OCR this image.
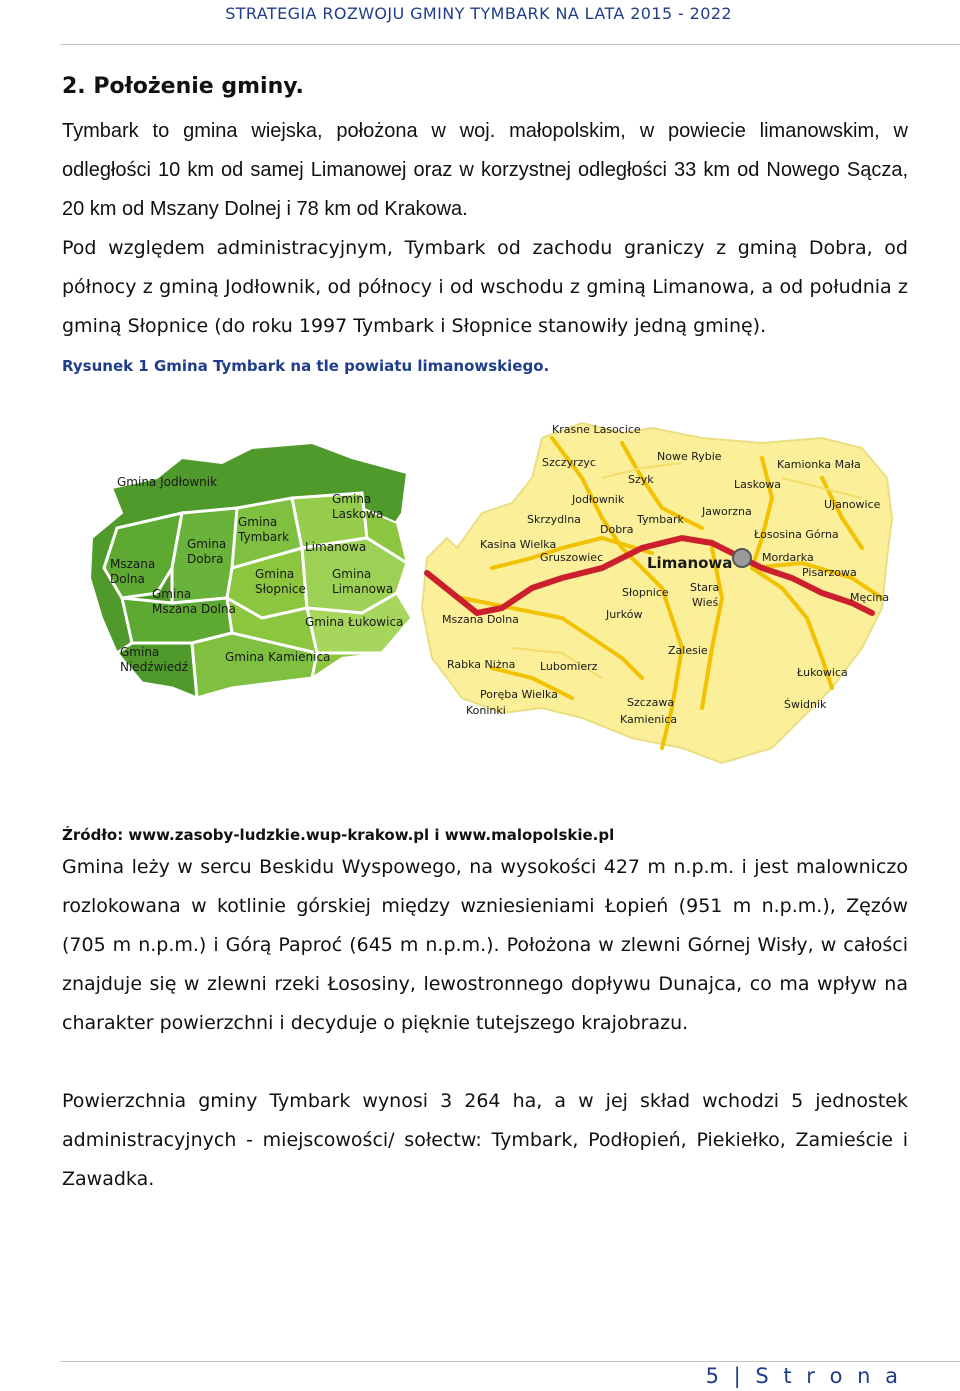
STRATEGIA ROZWOJU GMINY TYMBARK NA LATA 2015 - 2022
2. Położenie gminy.

Tymbark to gmina wiejska, położona w woj. małopolskim, w powiecie limanowskim, w odległości 10 km od samej Limanowej oraz w korzystnej odległości 33 km od Nowego Sącza, 20 km od Mszany Dolnej i 78 km od Krakowa.

Pod względem administracyjnym, Tymbark od zachodu graniczy z gminą Dobra, od północy z gminą Jodłownik, od północy i od wschodu z gminą Limanowa, a od południa z gminą Słopnice (do roku 1997 Tymbark i Słopnice stanowiły jedną gminę).

Rysunek 1 Gmina Tymbark na tle powiatu limanowskiego.
Gmina Jodłownik
Gmina
Laskowa
Gmina
Tymbark
Limanowa
Mszana
Dolna
Gmina
Dobra
Gmina
Słopnice
Gmina
Limanowa
Gmina
Mszana Dolna
Gmina Łukowica
Gmina
Niedźwiedź
Gmina Kamienica
Krasne Lasocice
Szczyrzyc	Nowe Rybie
Kamionka Mała
Szyk	Laskowa
Jodłownik
Jaworzna
Ujanowice
Skrzydlna	Tymbark
Dobra	Łososina Górna
Kasina Wielka
Gruszowiec	Limanowa	Mordarka
Pisarzowa
Słopnice Stara
Wieś	Męcina
Mszana Dolna	Jurków
Zalesie
Rabka Niżna Lubomierz	Łukowica
Poręba Wielka
Koninki
Szczawa
Kamienica
Świdnik
Źródło: www.zasoby-ludzkie.wup-krakow.pl i www.malopolskie.pl

Gmina leży w sercu Beskidu Wyspowego, na wysokości 427 m n.p.m. i jest malowniczo rozlokowana w kotlinie górskiej między wzniesieniami Łopień (951 m n.p.m.), Zęzów (705 m n.p.m.) i Górą Paproć (645 m n.p.m.). Położona w zlewni Górnej Wisły, w całości znajduje się w zlewni rzeki Łososiny, lewostronnego dopływu Dunajca, co ma wpływ na charakter powierzchni i decyduje o pięknie tutejszego krajobrazu.

Powierzchnia gminy Tymbark wynosi 3 264 ha, a w jej skład wchodzi 5 jednostek administracyjnych - miejscowości/ sołectw: Tymbark, Podłopień, Piekiełko, Zamieście i Zawadka.

5 | S t r o n a
